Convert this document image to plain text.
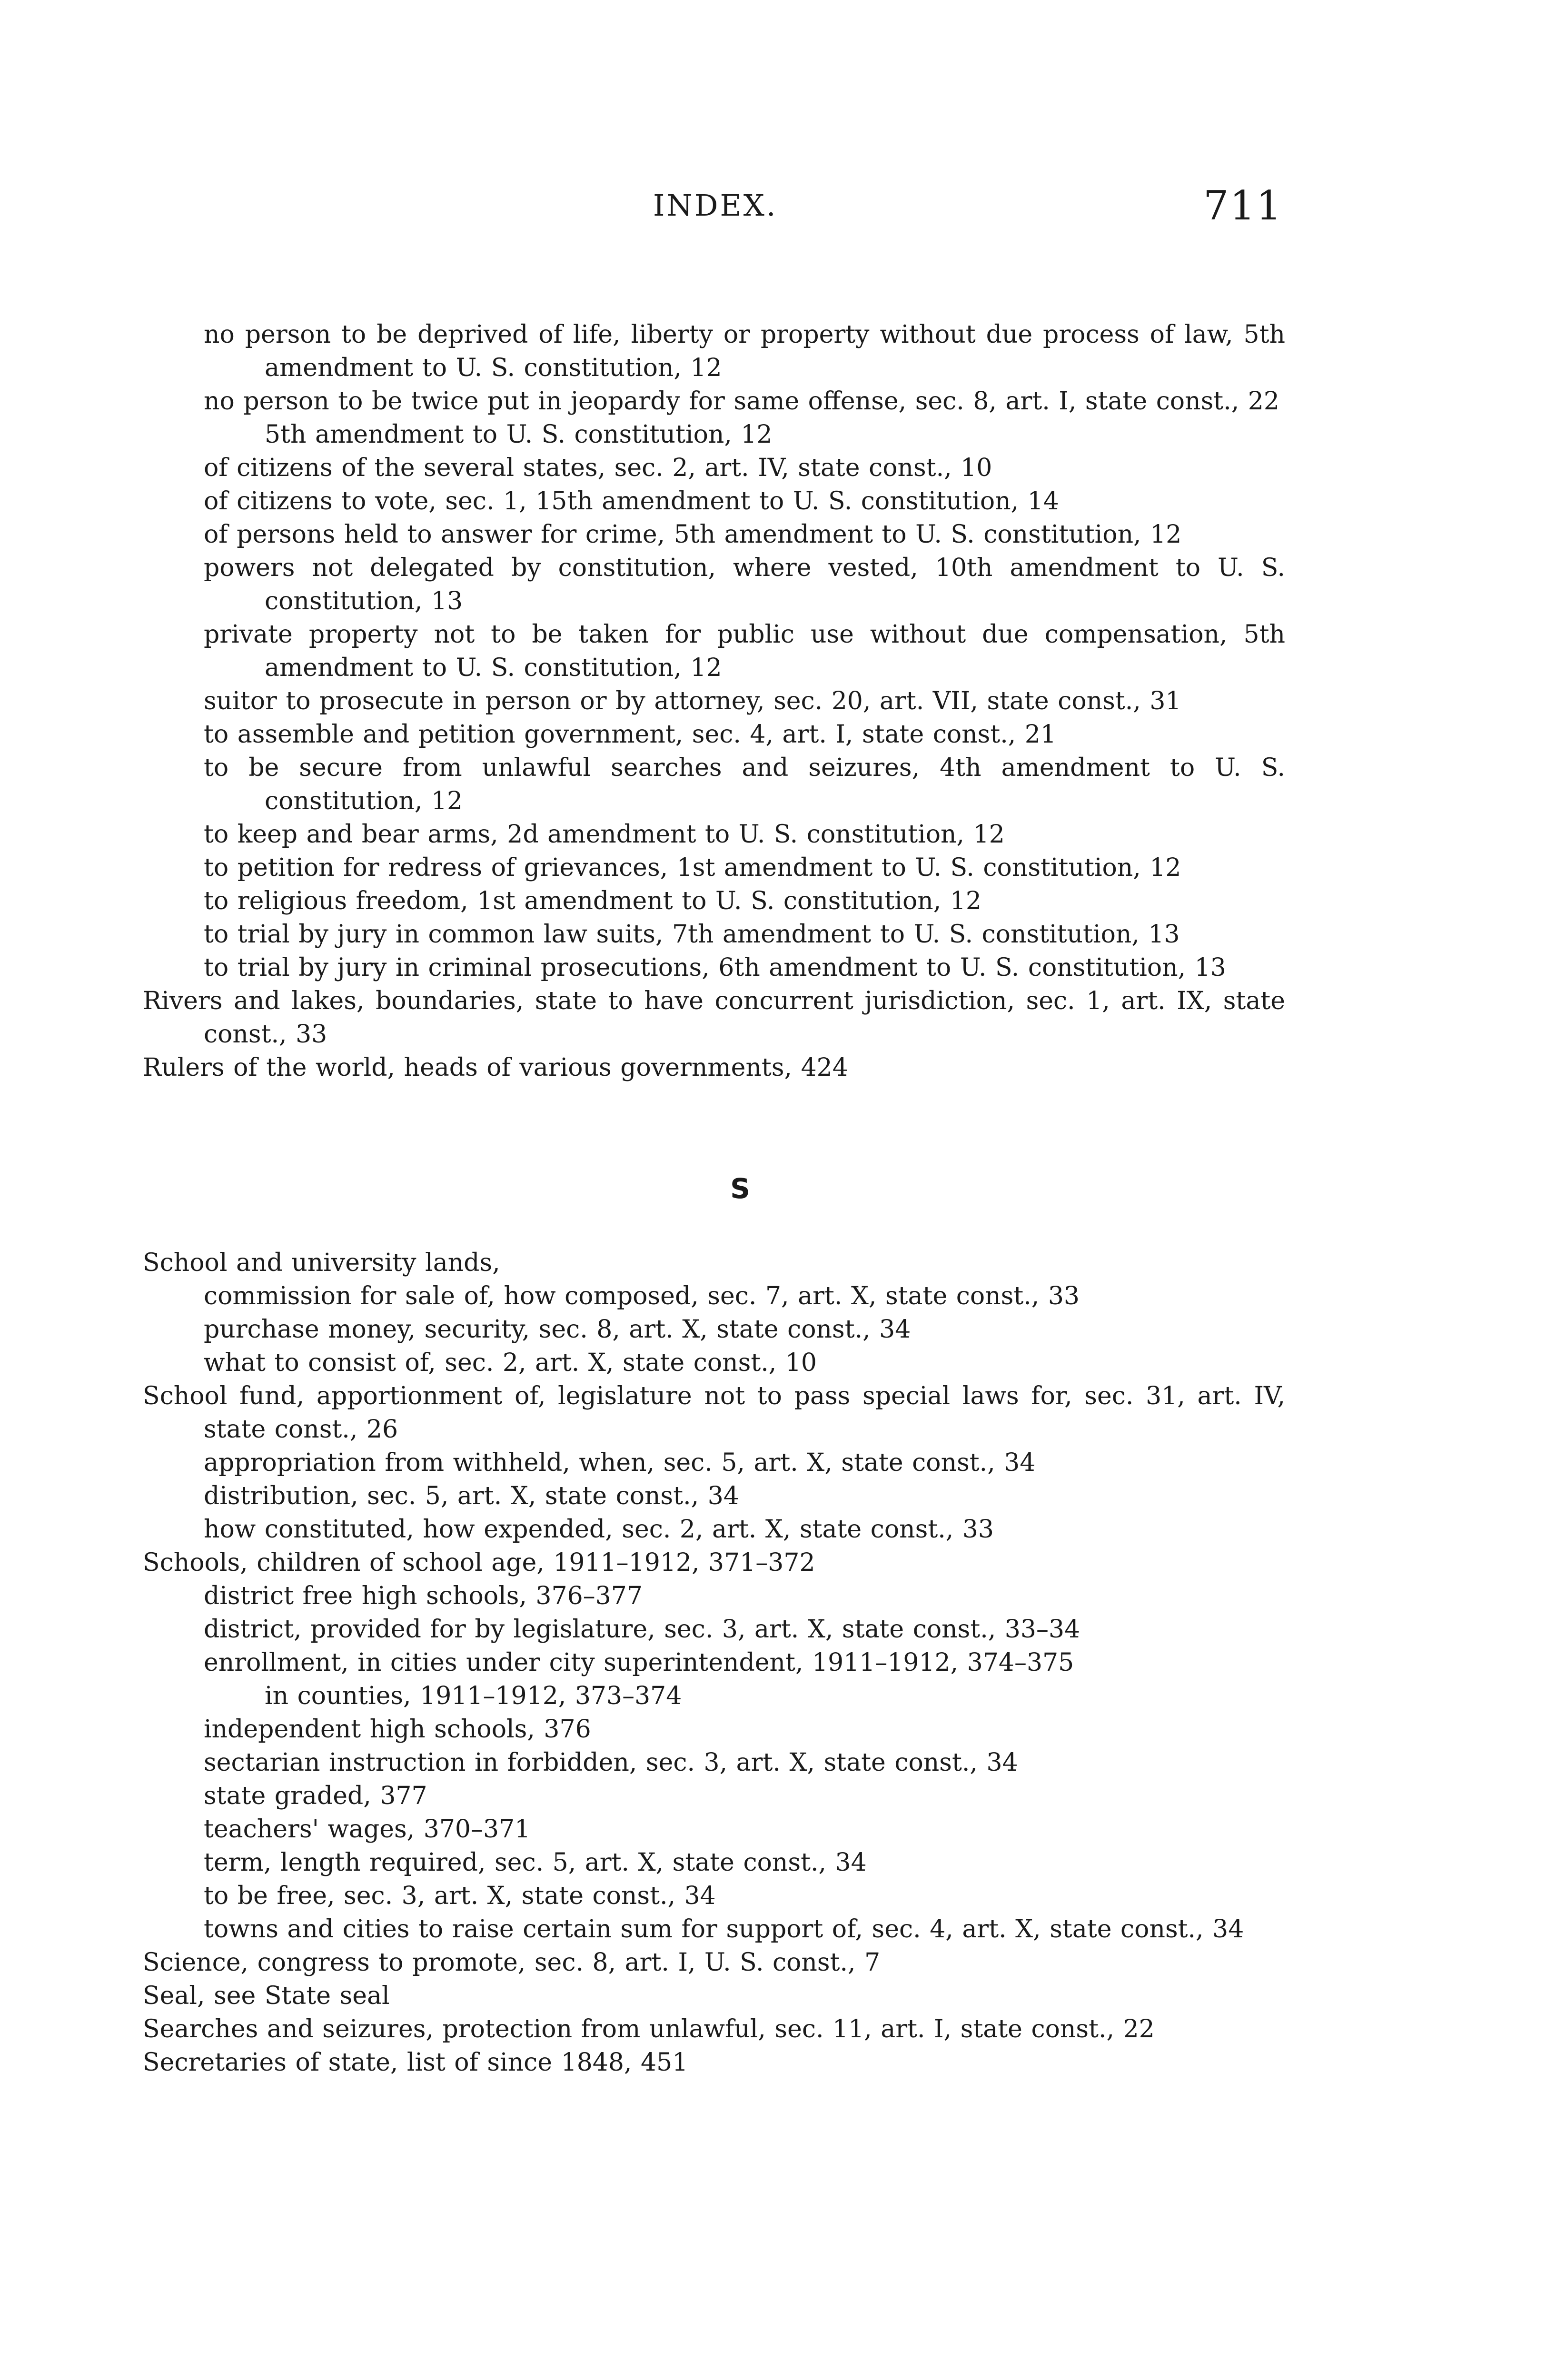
INDEX.	711

no person to be deprived of life, liberty or property without due process of law, 5th amendment to U. S. constitution, 12

no person to be twice put in jeopardy for same offense, sec. 8, art. I, state const., 22

5th amendment to U. S. constitution, 12

of citizens of the several states, sec. 2, art. IV, state const., 10

of citizens to vote, sec. 1, 15th amendment to U. S. constitution, 14

of persons held to answer for crime, 5th amendment to U. S. constitution, 12

powers not delegated by constitution, where vested, 10th amendment to U. S. constitution, 13

private property not to be taken for public use without due compensation, 5th amendment to U. S. constitution, 12

suitor to prosecute in person or by attorney, sec. 20, art. VII, state const., 31

to assemble and petition government, sec. 4, art. I, state const., 21

to be secure from unlawful searches and seizures, 4th amendment to U. S. constitution, 12

to keep and bear arms, 2d amendment to U. S. constitution, 12

to petition for redress of grievances, 1st amendment to U. S. constitution, 12

to religious freedom, 1st amendment to U. S. constitution, 12

to trial by jury in common law suits, 7th amendment to U. S. constitution, 13

to trial by jury in criminal prosecutions, 6th amendment to U. S. constitution, 13

Rivers and lakes, boundaries, state to have concurrent jurisdiction, sec. 1, art. IX, state const., 33

Rulers of the world, heads of various governments, 424

S

School and university lands,

commission for sale of, how composed, sec. 7, art. X, state const., 33

purchase money, security, sec. 8, art. X, state const., 34

what to consist of, sec. 2, art. X, state const., 10

School fund, apportionment of, legislature not to pass special laws for, sec. 31, art. IV, state const., 26

appropriation from withheld, when, sec. 5, art. X, state const., 34

distribution, sec. 5, art. X, state const., 34

how constituted, how expended, sec. 2, art. X, state const., 33

Schools, children of school age, 1911–1912, 371–372

district free high schools, 376–377

district, provided for by legislature, sec. 3, art. X, state const., 33–34

enrollment, in cities under city superintendent, 1911–1912, 374–375

in counties, 1911–1912, 373–374

independent high schools, 376

sectarian instruction in forbidden, sec. 3, art. X, state const., 34

state graded, 377

teachers' wages, 370–371

term, length required, sec. 5, art. X, state const., 34

to be free, sec. 3, art. X, state const., 34

towns and cities to raise certain sum for support of, sec. 4, art. X, state const., 34

Science, congress to promote, sec. 8, art. I, U. S. const., 7

Seal, see State seal

Searches and seizures, protection from unlawful, sec. 11, art. I, state const., 22

Secretaries of state, list of since 1848, 451
